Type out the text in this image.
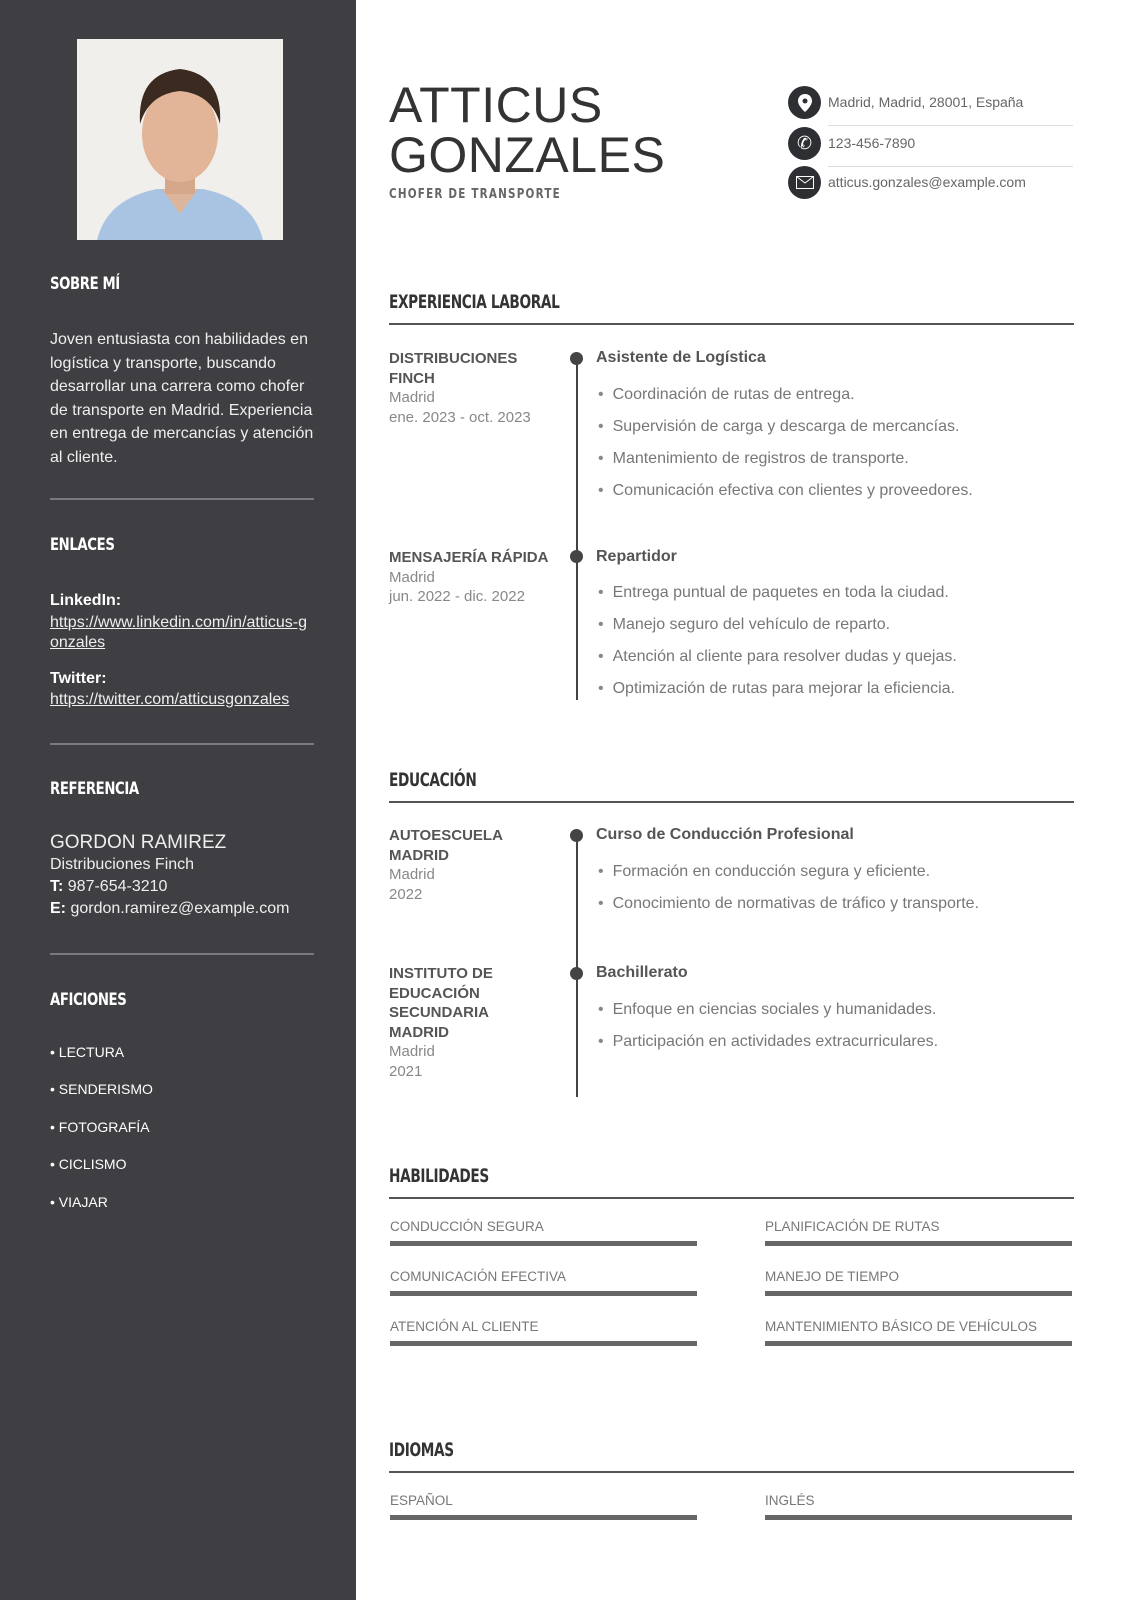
SOBRE MÍ
Joven entusiasta con habilidades en logística y transporte, buscando desarrollar una carrera como chofer de transporte en Madrid. Experiencia en entrega de mercancías y atención al cliente.
ENLACES
LinkedIn:
https://www.linkedin.com/in/atticus-gonzales
Twitter:
https://twitter.com/atticusgonzales
REFERENCIA
GORDON RAMIREZ
Distribuciones Finch
T: 987-654-3210
E: gordon.ramirez@example.com
AFICIONES
• LECTURA
• SENDERISMO
• FOTOGRAFÍA
• CICLISMO
• VIAJAR
ATTICUS
GONZALES
CHOFER DE TRANSPORTE
Madrid, Madrid, 28001, España
✆ 123-456-7890
atticus.gonzales@example.com
EXPERIENCIA LABORAL
DISTRIBUCIONES FINCH
Madrid
ene. 2023 - oct. 2023
Asistente de Logística
• Coordinación de rutas de entrega.
• Supervisión de carga y descarga de mercancías.
• Mantenimiento de registros de transporte.
• Comunicación efectiva con clientes y proveedores.
MENSAJERÍA RÁPIDA
Madrid
jun. 2022 - dic. 2022
Repartidor
• Entrega puntual de paquetes en toda la ciudad.
• Manejo seguro del vehículo de reparto.
• Atención al cliente para resolver dudas y quejas.
• Optimización de rutas para mejorar la eficiencia.
EDUCACIÓN
AUTOESCUELA MADRID
Madrid
2022
Curso de Conducción Profesional
• Formación en conducción segura y eficiente.
• Conocimiento de normativas de tráfico y transporte.
INSTITUTO DE EDUCACIÓN SECUNDARIA MADRID
Madrid
2021
Bachillerato
• Enfoque en ciencias sociales y humanidades.
• Participación en actividades extracurriculares.
HABILIDADES
CONDUCCIÓN SEGURA	PLANIFICACIÓN DE RUTAS
COMUNICACIÓN EFECTIVA	MANEJO DE TIEMPO
ATENCIÓN AL CLIENTE	MANTENIMIENTO BÁSICO DE VEHÍCULOS
IDIOMAS
ESPAÑOL	INGLÉS
